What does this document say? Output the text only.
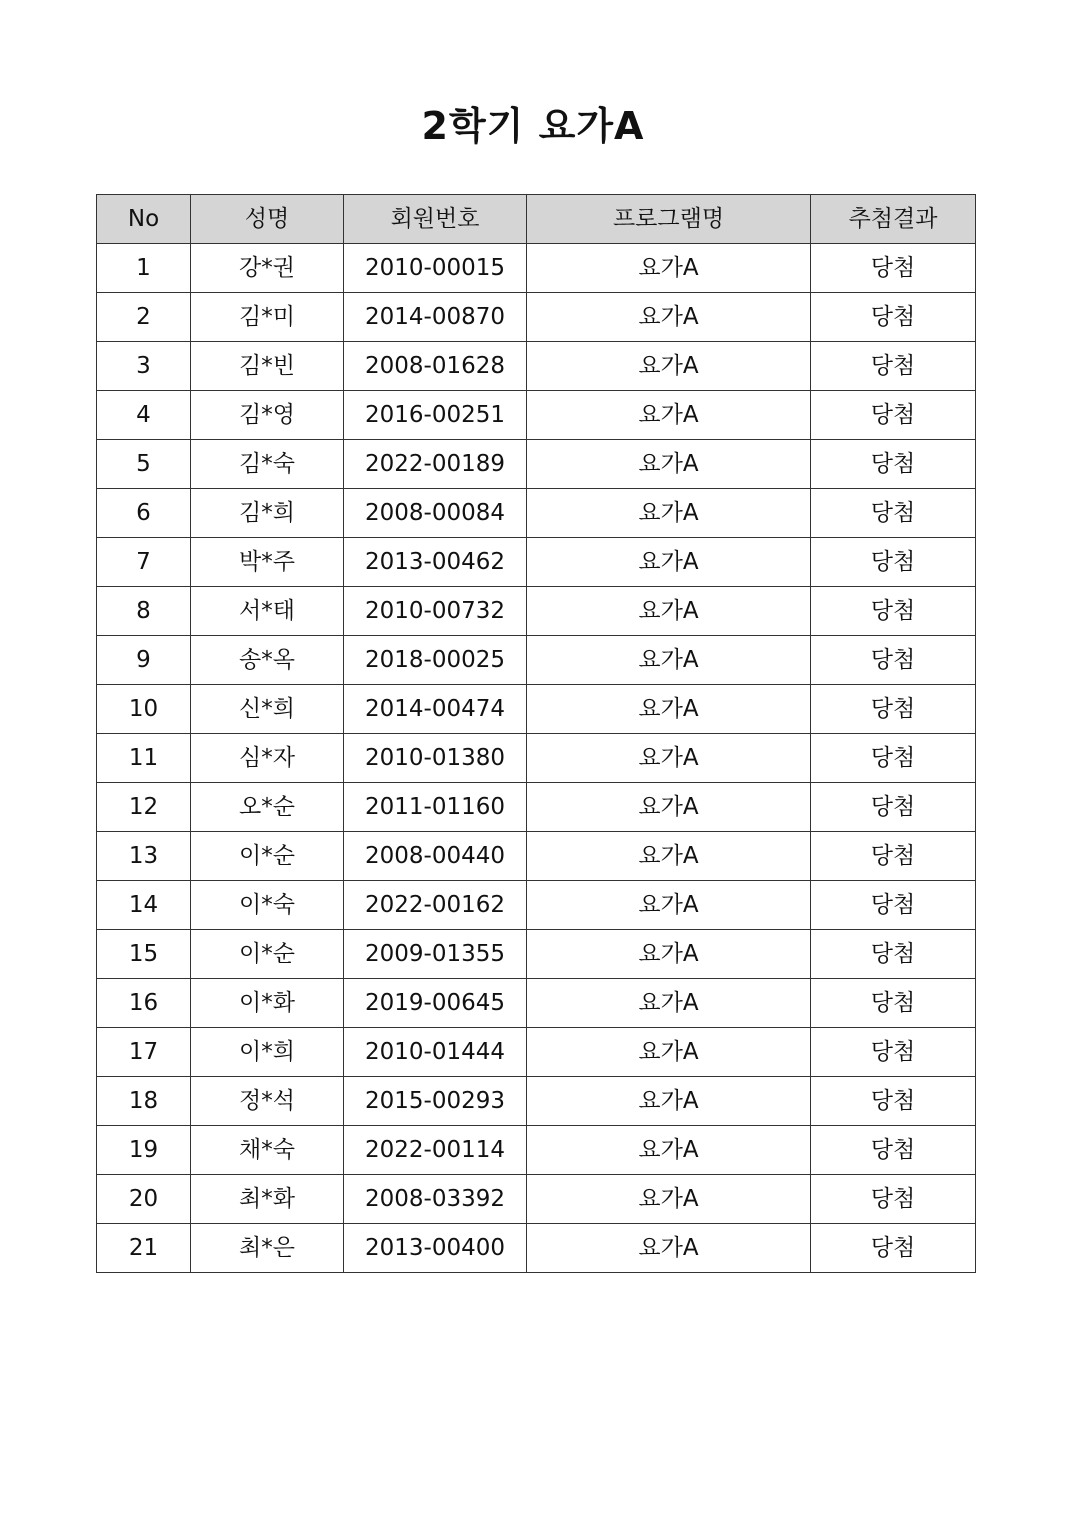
2학기 요가A
No	성명	회원번호	프로그램명	추첨결과
1	강*권	2010-00015	요가A	당첨
2	김*미	2014-00870	요가A	당첨
3	김*빈	2008-01628	요가A	당첨
4	김*영	2016-00251	요가A	당첨
5	김*숙	2022-00189	요가A	당첨
6	김*희	2008-00084	요가A	당첨
7	박*주	2013-00462	요가A	당첨
8	서*태	2010-00732	요가A	당첨
9	송*옥	2018-00025	요가A	당첨
10	신*희	2014-00474	요가A	당첨
11	심*자	2010-01380	요가A	당첨
12	오*순	2011-01160	요가A	당첨
13	이*순	2008-00440	요가A	당첨
14	이*숙	2022-00162	요가A	당첨
15	이*순	2009-01355	요가A	당첨
16	이*화	2019-00645	요가A	당첨
17	이*희	2010-01444	요가A	당첨
18	정*석	2015-00293	요가A	당첨
19	채*숙	2022-00114	요가A	당첨
20	최*화	2008-03392	요가A	당첨
21	최*은	2013-00400	요가A	당첨
